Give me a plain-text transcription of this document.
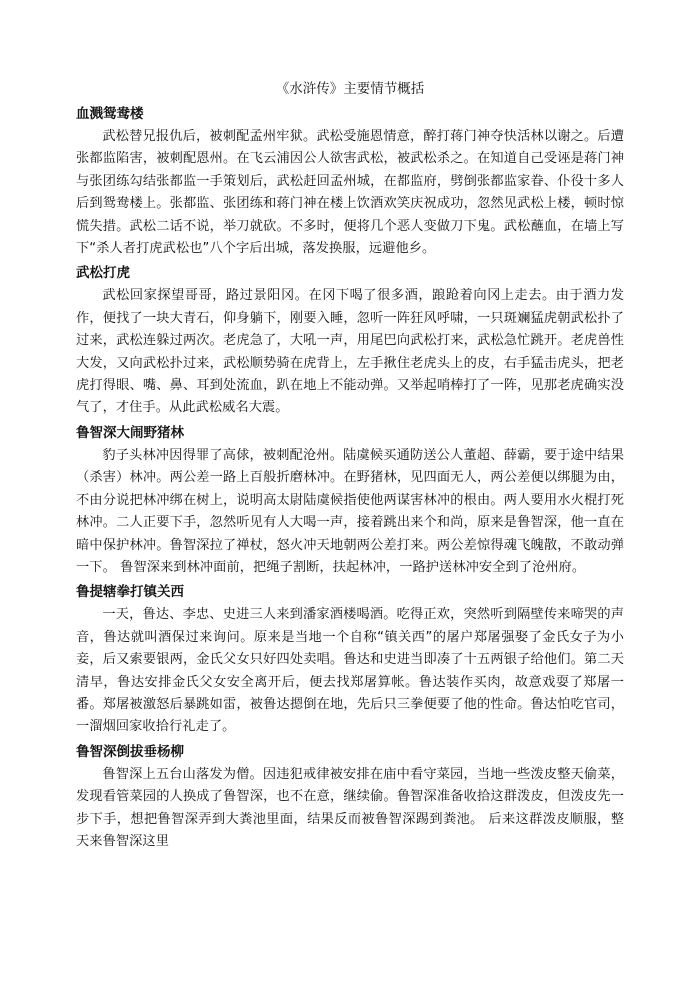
《水浒传》主要情节概括
血溅鸳鸯楼
武松替兄报仇后，被刺配孟州牢狱。武松受施恩情意，醉打蒋门神夺快活林以谢之。后遭张都监陷害，被刺配恩州。在飞云浦因公人欲害武松，被武松杀之。在知道自己受诬是蒋门神与张团练勾结张都监一手策划后，武松赶回孟州城，在都监府，劈倒张都监家眷、仆役十多人后到鸳鸯楼上。张都监、张团练和蒋门神在楼上饮酒欢笑庆祝成功，忽然见武松上楼，顿时惊慌失措。武松二话不说，举刀就砍。不多时，便将几个恶人变做刀下鬼。武松蘸血，在墙上写下“杀人者打虎武松也”八个字后出城，落发换服，远避他乡。
武松打虎
武松回家探望哥哥，路过景阳冈。在冈下喝了很多酒，踉跄着向冈上走去。由于酒力发作，便找了一块大青石，仰身躺下，刚要入睡，忽听一阵狂风呼啸，一只斑斓猛虎朝武松扑了过来，武松连躲过两次。老虎急了，大吼一声，用尾巴向武松打来，武松急忙跳开。老虎兽性大发，又向武松扑过来，武松顺势骑在虎背上，左手揪住老虎头上的皮，右手猛击虎头，把老虎打得眼、嘴、鼻、耳到处流血，趴在地上不能动弹。又举起哨棒打了一阵，见那老虎确实没气了，才住手。从此武松威名大震。
鲁智深大闹野猪林
豹子头林冲因得罪了高俅，被刺配沧州。陆虞候买通防送公人董超、薛霸，要于途中结果（杀害）林冲。两公差一路上百般折磨林冲。在野猪林，见四面无人，两公差便以绑腿为由，不由分说把林冲绑在树上，说明高太尉陆虞候指使他两谋害林冲的根由。两人要用水火棍打死林冲。二人正要下手，忽然听见有人大喝一声，接着跳出来个和尚，原来是鲁智深，他一直在暗中保护林冲。鲁智深拉了禅杖，怒火冲天地朝两公差打来。两公差惊得魂飞魄散，不敢动弹一下。 鲁智深来到林冲面前，把绳子割断，扶起林冲，一路护送林冲安全到了沧州府。
鲁提辖拳打镇关西
一天，鲁达、李忠、史进三人来到潘家酒楼喝酒。吃得正欢，突然听到隔壁传来啼哭的声音，鲁达就叫酒保过来询问。原来是当地一个自称“镇关西”的屠户郑屠强娶了金氏女子为小妾，后又索要银两，金氏父女只好四处卖唱。鲁达和史进当即凑了十五两银子给他们。第二天清早，鲁达安排金氏父女安全离开后，便去找郑屠算帐。鲁达装作买肉，故意戏耍了郑屠一番。郑屠被激怒后暴跳如雷，被鲁达摁倒在地，先后只三拳便要了他的性命。鲁达怕吃官司，一溜烟回家收拾行礼走了。
鲁智深倒拔垂杨柳
鲁智深上五台山落发为僧。因违犯戒律被安排在庙中看守菜园，当地一些泼皮整天偷菜，发现看管菜园的人换成了鲁智深，也不在意，继续偷。鲁智深准备收拾这群泼皮，但泼皮先一步下手，想把鲁智深弄到大粪池里面，结果反而被鲁智深踢到粪池。 后来这群泼皮顺服，整天来鲁智深这里
